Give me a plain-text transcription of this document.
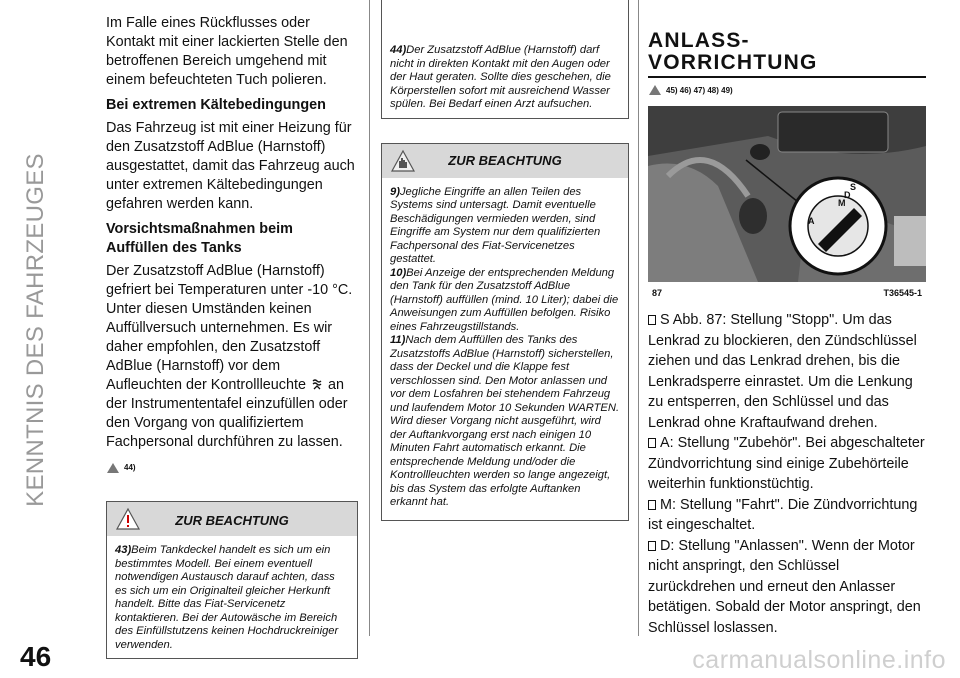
KENNTNIS DES FAHRZEUGES
46	carmanualsonline.info

Im Falle eines Rückflusses oder Kontakt mit einer lackierten Stelle den betroffenen Bereich umgehend mit einem befeuchteten Tuch polieren.

Bei extremen Kältebedingungen

Das Fahrzeug ist mit einer Heizung für den Zusatzstoff AdBlue (Harnstoff) ausgestattet, damit das Fahrzeug auch unter extremen Kältebedingungen gefahren werden kann.

Vorsichtsmaßnahmen beim Auffüllen des Tanks

Der Zusatzstoff AdBlue (Harnstoff) gefriert bei Temperaturen unter -10 °C. Unter diesen Umständen keinen Auffüllversuch unternehmen. Es wir daher empfohlen, den Zusatzstoff AdBlue (Harnstoff) vor dem Aufleuchten der Kontrollleuchte an der Instrumententafel einzufüllen oder den Vorgang von qualifiziertem Fachpersonal durchführen zu lassen.

44)
ZUR BEACHTUNG

43)Beim Tankdeckel handelt es sich um ein bestimmtes Modell. Bei einem eventuell notwendigen Austausch darauf achten, dass es sich um ein Originalteil gleicher Herkunft handelt. Bitte das Fiat-Servicenetz kontaktieren. Bei der Autowäsche im Bereich des Einfüllstutzens keinen Hochdruckreiniger verwenden.

44)Der Zusatzstoff AdBlue (Harnstoff) darf nicht in direkten Kontakt mit den Augen oder der Haut geraten. Sollte dies geschehen, die Körperstellen sofort mit ausreichend Wasser spülen. Bei Bedarf einen Arzt aufsuchen.

ZUR BEACHTUNG

9)Jegliche Eingriffe an allen Teilen des Systems sind untersagt. Damit eventuelle Beschädigungen vermieden werden, sind Eingriffe am System nur dem qualifizierten Fachpersonal des Fiat-Servicenetzes gestattet.

10)Bei Anzeige der entsprechenden Meldung den Tank für den Zusatzstoff AdBlue (Harnstoff) auffüllen (mind. 10 Liter); dabei die Anweisungen zum Auffüllen befolgen. Risiko eines Fahrzeugstillstands.

11)Nach dem Auffüllen des Tanks des Zusatzstoffs AdBlue (Harnstoff) sicherstellen, dass der Deckel und die Klappe fest verschlossen sind. Den Motor anlassen und vor dem Losfahren bei stehendem Fahrzeug und laufendem Motor 10 Sekunden WARTEN. Wird dieser Vorgang nicht ausgeführt, wird der Auftankvorgang erst nach einigen 10 Minuten Fahrt automatisch erkannt. Die entsprechende Meldung und/oder die Kontrollleuchten werden so lange angezeigt, bis das System das erfolgte Auftanken erkannt hat.

ANLASS-
VORRICHTUNG
45) 46) 47) 48) 49)
S
M
A
D
87	T36545-1

S Abb. 87: Stellung "Stopp". Um das Lenkrad zu blockieren, den Zündschlüssel ziehen und das Lenkrad drehen, bis die Lenkradsperre einrastet. Um die Lenkung zu entsperren, den Schlüssel und das Lenkrad ohne Kraftaufwand drehen.

A: Stellung "Zubehör". Bei abgeschalteter Zündvorrichtung sind einige Zubehörteile weiterhin funktionstüchtig.

M: Stellung "Fahrt". Die Zündvorrichtung ist eingeschaltet.

D: Stellung "Anlassen". Wenn der Motor nicht anspringt, den Schlüssel zurückdrehen und erneut den Anlasser betätigen. Sobald der Motor anspringt, den Schlüssel loslassen.
